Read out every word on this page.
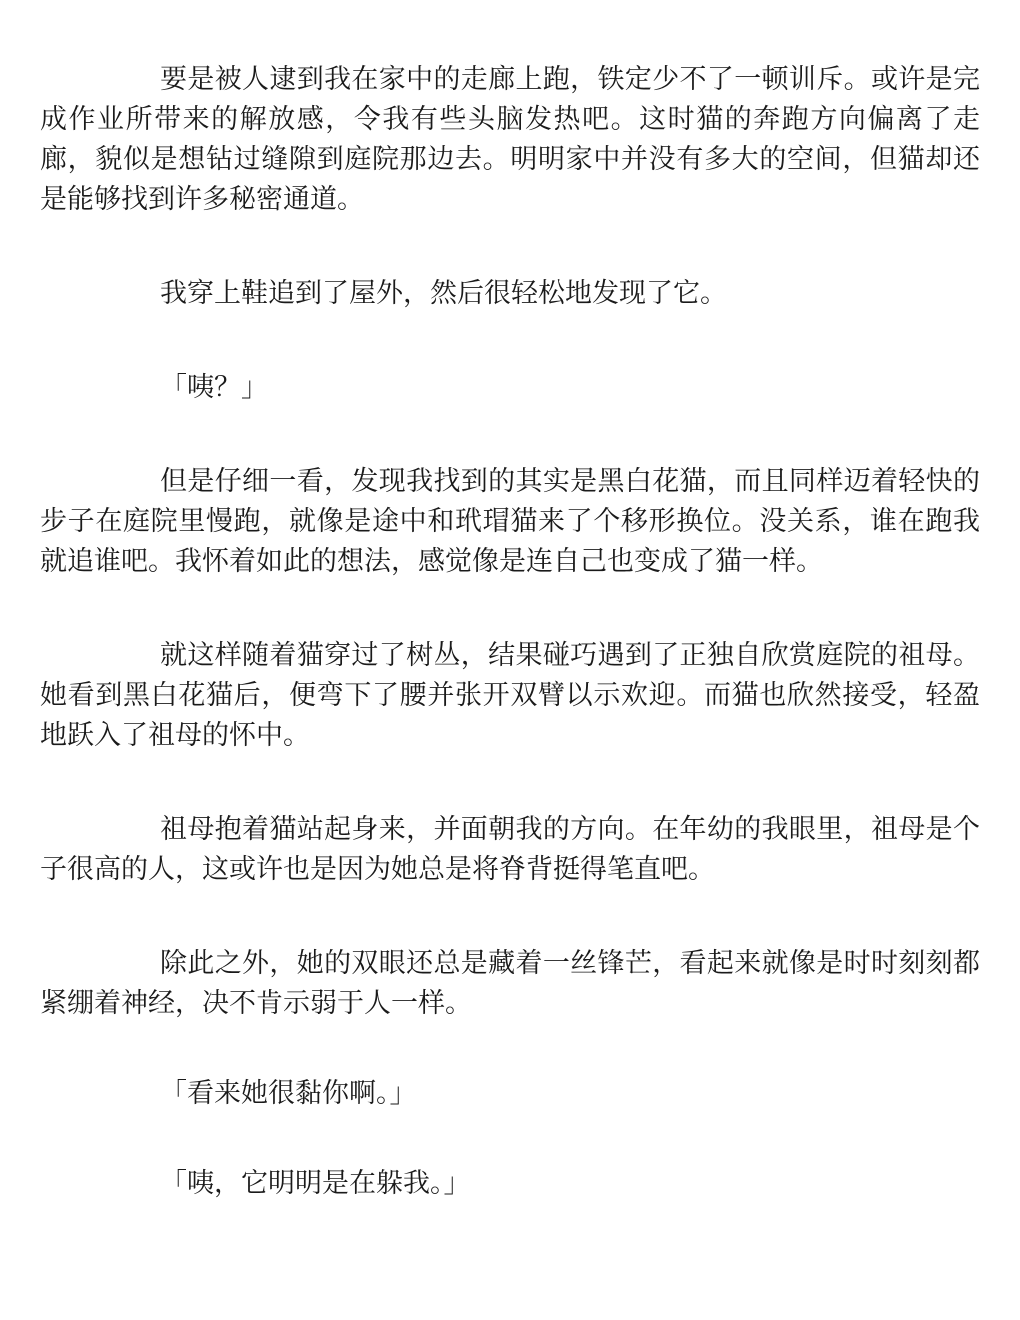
要是被人逮到我在家中的走廊上跑，铁定少不了一顿训斥。或许是完成作业所带来的解放感，令我有些头脑发热吧。这时猫的奔跑方向偏离了走廊，貌似是想钻过缝隙到庭院那边去。明明家中并没有多大的空间，但猫却还是能够找到许多秘密通道。

我穿上鞋追到了屋外，然后很轻松地发现了它。

「咦？」

但是仔细一看，发现我找到的其实是黑白花猫，而且同样迈着轻快的步子在庭院里慢跑，就像是途中和玳瑁猫来了个移形换位。没关系，谁在跑我就追谁吧。我怀着如此的想法，感觉像是连自己也变成了猫一样。

就这样随着猫穿过了树丛，结果碰巧遇到了正独自欣赏庭院的祖母。她看到黑白花猫后，便弯下了腰并张开双臂以示欢迎。而猫也欣然接受，轻盈地跃入了祖母的怀中。

祖母抱着猫站起身来，并面朝我的方向。在年幼的我眼里，祖母是个子很高的人，这或许也是因为她总是将脊背挺得笔直吧。

除此之外，她的双眼还总是藏着一丝锋芒，看起来就像是时时刻刻都紧绷着神经，决不肯示弱于人一样。

「看来她很黏你啊。」

「咦，它明明是在躲我。」
